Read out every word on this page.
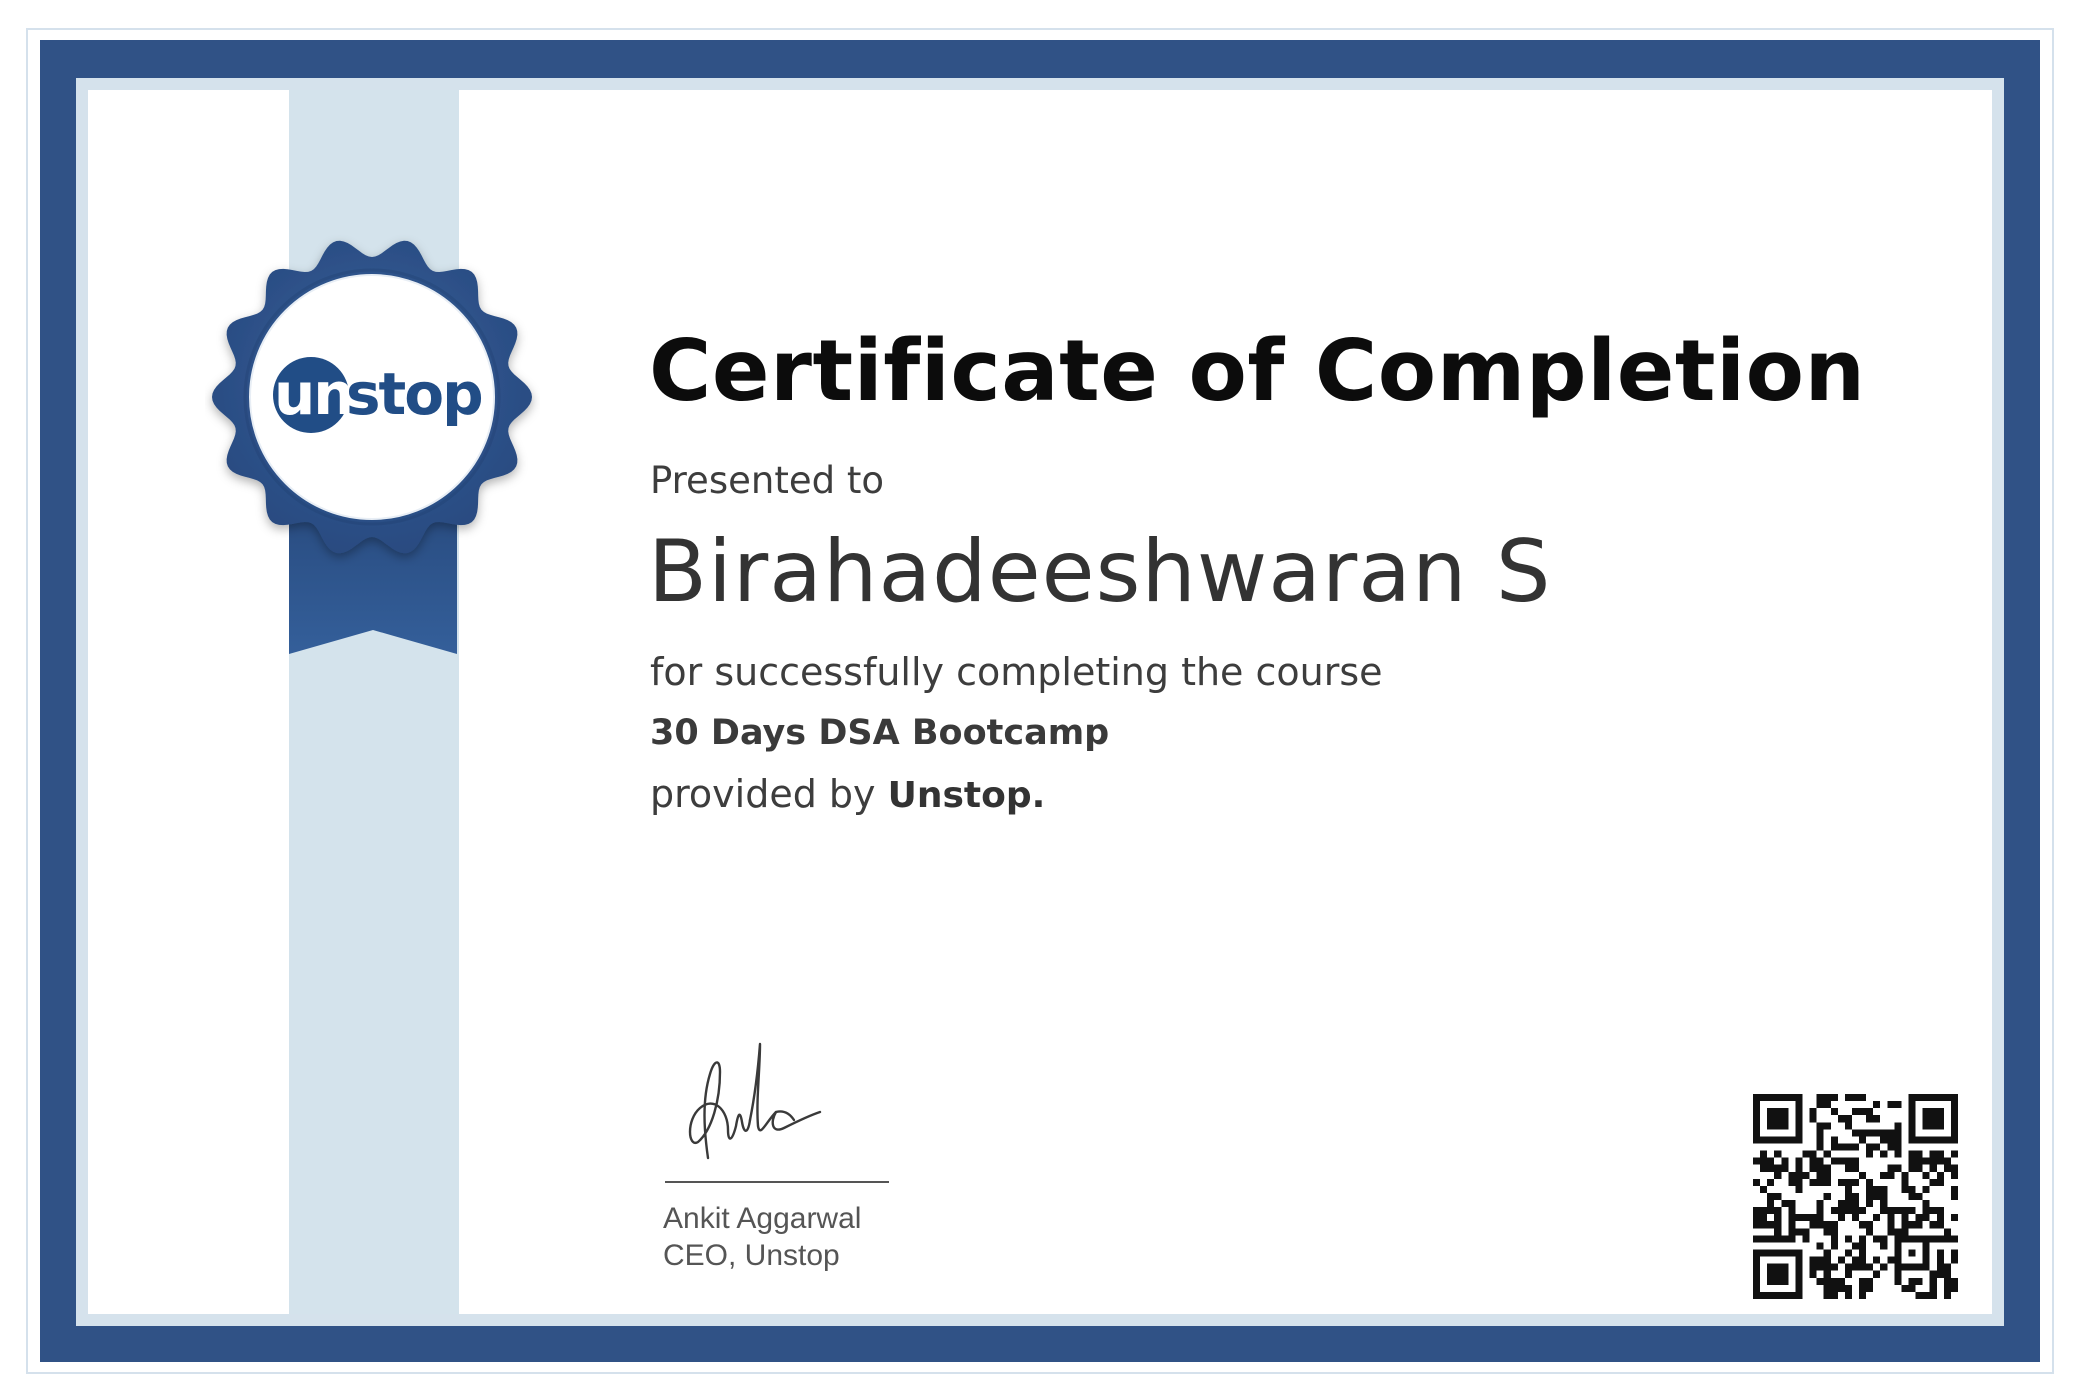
un
stop Certificate of Completion
Presented to
Birahadeeshwaran S
for successfully completing the course
30 Days DSA Bootcamp
provided by Unstop.
Ankit Aggarwal
CEO, Unstop
